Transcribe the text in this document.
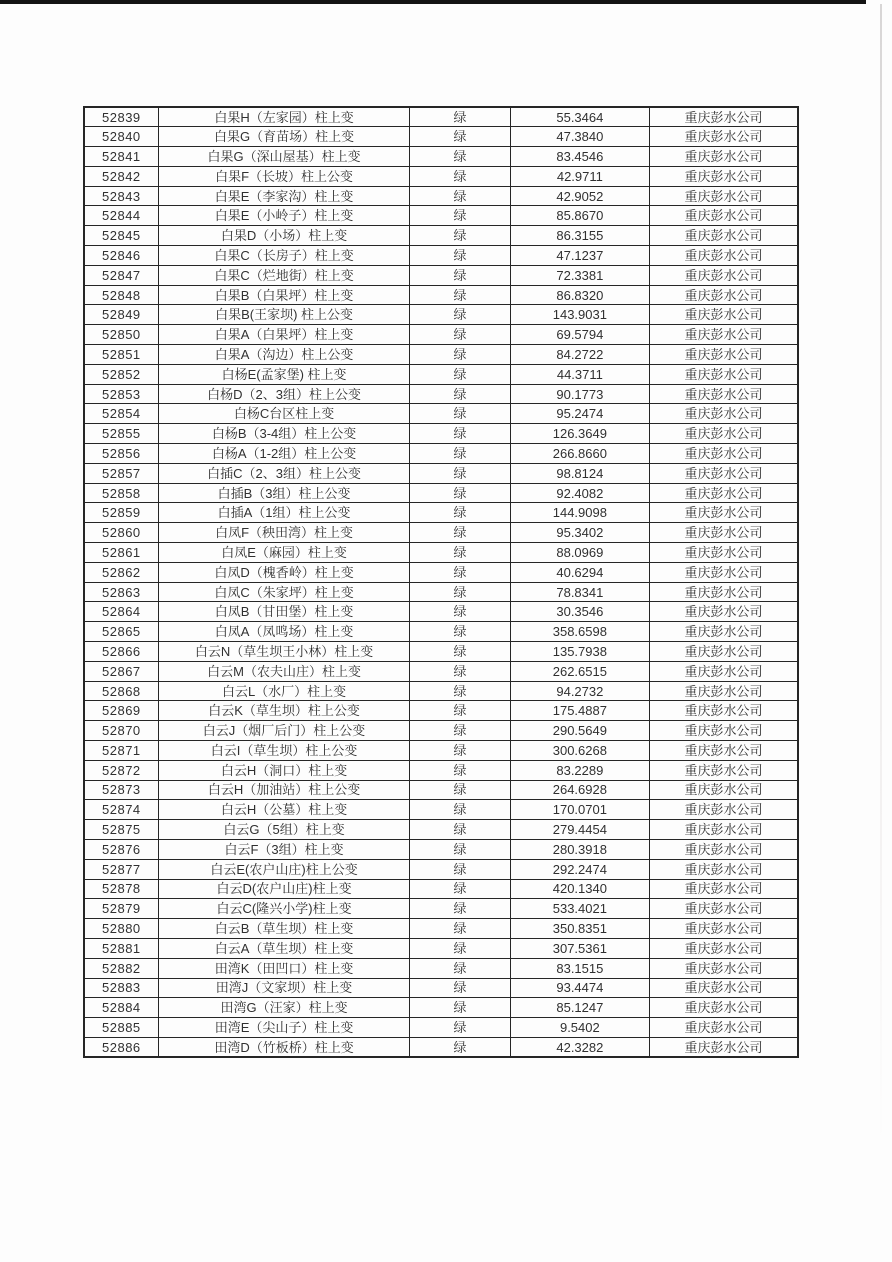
52839	白果H（左家园）柱上变	绿	55.3464	重庆彭水公司
52840	白果G（育苗场）柱上变	绿	47.3840	重庆彭水公司
52841	白果G（深山屋基）柱上变	绿	83.4546	重庆彭水公司
52842	白果F（长坡）柱上公变	绿	42.9711	重庆彭水公司
52843	白果E（李家沟）柱上变	绿	42.9052	重庆彭水公司
52844	白果E（小岭子）柱上变	绿	85.8670	重庆彭水公司
52845	白果D（小场）柱上变	绿	86.3155	重庆彭水公司
52846	白果C（长房子）柱上变	绿	47.1237	重庆彭水公司
52847	白果C（烂地街）柱上变	绿	72.3381	重庆彭水公司
52848	白果B（白果坪）柱上变	绿	86.8320	重庆彭水公司
52849	白果B(王家坝) 柱上公变	绿	143.9031	重庆彭水公司
52850	白果A（白果坪）柱上变	绿	69.5794	重庆彭水公司
52851	白果A（沟边）柱上公变	绿	84.2722	重庆彭水公司
52852	白杨E(孟家堡) 柱上变	绿	44.3711	重庆彭水公司
52853	白杨D（2、3组）柱上公变	绿	90.1773	重庆彭水公司
52854	白杨C台区柱上变	绿	95.2474	重庆彭水公司
52855	白杨B（3-4组）柱上公变	绿	126.3649	重庆彭水公司
52856	白杨A（1-2组）柱上公变	绿	266.8660	重庆彭水公司
52857	白插C（2、3组）柱上公变	绿	98.8124	重庆彭水公司
52858	白插B（3组）柱上公变	绿	92.4082	重庆彭水公司
52859	白插A（1组）柱上公变	绿	144.9098	重庆彭水公司
52860	白凤F（秧田湾）柱上变	绿	95.3402	重庆彭水公司
52861	白凤E（麻园）柱上变	绿	88.0969	重庆彭水公司
52862	白凤D（槐香岭）柱上变	绿	40.6294	重庆彭水公司
52863	白凤C（朱家坪）柱上变	绿	78.8341	重庆彭水公司
52864	白凤B（甘田堡）柱上变	绿	30.3546	重庆彭水公司
52865	白凤A（凤鸣场）柱上变	绿	358.6598	重庆彭水公司
52866	白云N（草生坝王小林）柱上变	绿	135.7938	重庆彭水公司
52867	白云M（农夫山庄）柱上变	绿	262.6515	重庆彭水公司
52868	白云L（水厂）柱上变	绿	94.2732	重庆彭水公司
52869	白云K（草生坝）柱上公变	绿	175.4887	重庆彭水公司
52870	白云J（烟厂后门）柱上公变	绿	290.5649	重庆彭水公司
52871	白云I（草生坝）柱上公变	绿	300.6268	重庆彭水公司
52872	白云H（洞口）柱上变	绿	83.2289	重庆彭水公司
52873	白云H（加油站）柱上公变	绿	264.6928	重庆彭水公司
52874	白云H（公墓）柱上变	绿	170.0701	重庆彭水公司
52875	白云G（5组）柱上变	绿	279.4454	重庆彭水公司
52876	白云F（3组）柱上变	绿	280.3918	重庆彭水公司
52877	白云E(农户山庄)柱上公变	绿	292.2474	重庆彭水公司
52878	白云D(农户山庄)柱上变	绿	420.1340	重庆彭水公司
52879	白云C(隆兴小学)柱上变	绿	533.4021	重庆彭水公司
52880	白云B（草生坝）柱上变	绿	350.8351	重庆彭水公司
52881	白云A（草生坝）柱上变	绿	307.5361	重庆彭水公司
52882	田湾K（田凹口）柱上变	绿	83.1515	重庆彭水公司
52883	田湾J（文家坝）柱上变	绿	93.4474	重庆彭水公司
52884	田湾G（汪家）柱上变	绿	85.1247	重庆彭水公司
52885	田湾E（尖山子）柱上变	绿	9.5402	重庆彭水公司
52886	田湾D（竹板桥）柱上变	绿	42.3282	重庆彭水公司
